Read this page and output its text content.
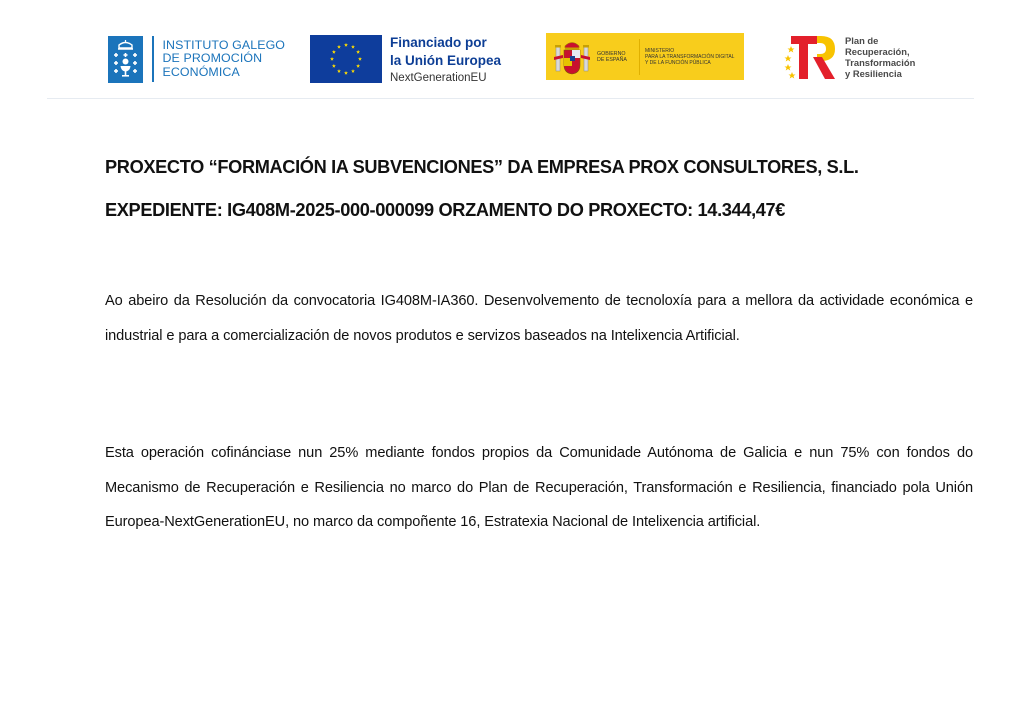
INSTITUTO GALEGO
DE PROMOCIÓN
ECONÓMICA
Financiado por
la Unión Europea
NextGenerationEU
GOBIERNO
DE ESPAÑA
MINISTERIO
PARA LA TRANSFORMACIÓN DIGITAL
Y DE LA FUNCIÓN PÚBLICA
Plan de
Recuperación,
Transformación
y Resiliencia
PROXECTO “FORMACIÓN IA SUBVENCIONES” DA EMPRESA PROX CONSULTORES, S.L.
EXPEDIENTE: IG408M-2025-000-000099 ORZAMENTO DO PROXECTO: 14.344,47€

Ao abeiro da Resolución da convocatoria IG408M-IA360. Desenvolvemento de tecnoloxía para a mellora da actividade económica e industrial e para a comercialización de novos produtos e servizos baseados na Intelixencia Artificial.

Esta operación cofinánciase nun 25% mediante fondos propios da Comunidade Autónoma de Galicia e nun 75% con fondos do Mecanismo de Recuperación e Resiliencia no marco do Plan de Recuperación, Transformación e Resiliencia, financiado pola Unión Europea-NextGenerationEU, no marco da compoñente 16, Estratexia Nacional de Intelixencia artificial.
